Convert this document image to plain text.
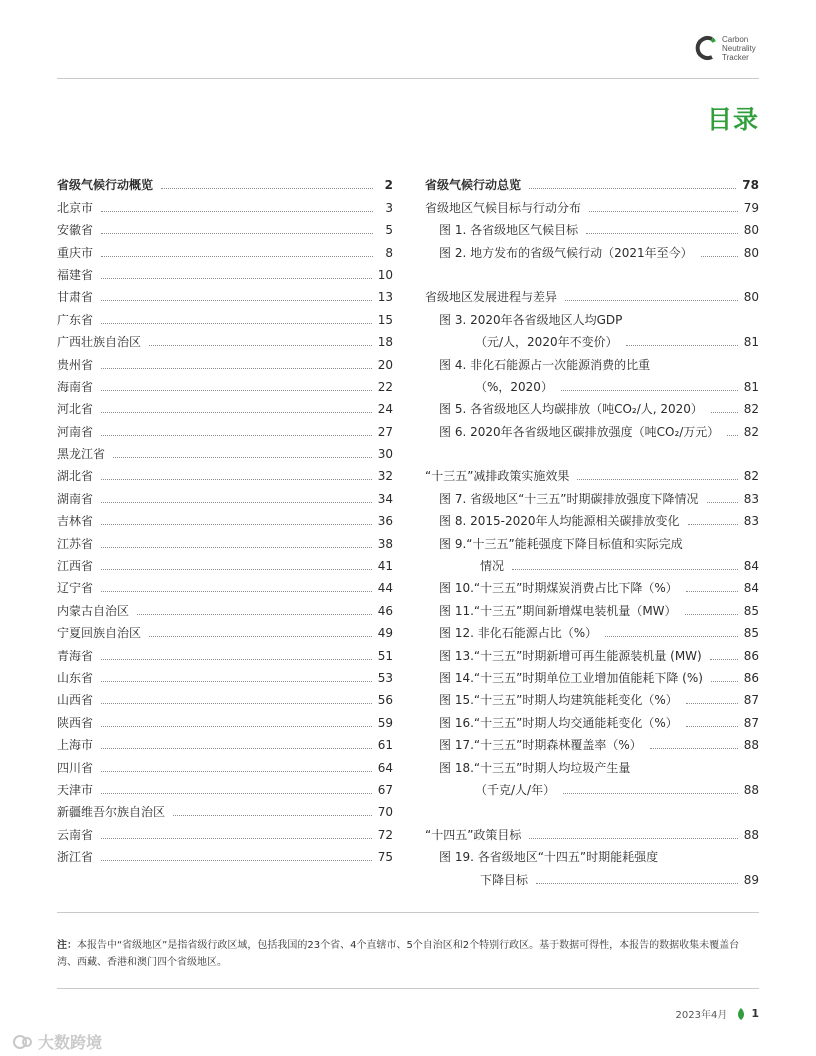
Carbon
Neutrality
Tracker
目录
省级气候行动概览	2
北京市	3
安徽省	5
重庆市	8
福建省	10
甘肃省	13
广东省	15
广西壮族自治区	18
贵州省	20
海南省	22
河北省	24
河南省	27
黑龙江省	30
湖北省	32
湖南省	34
吉林省	36
江苏省	38
江西省	41
辽宁省	44
内蒙古自治区	46
宁夏回族自治区	49
青海省	51
山东省	53
山西省	56
陕西省	59
上海市	61
四川省	64
天津市	67
新疆维吾尔族自治区	70
云南省	72
浙江省	75
省级气候行动总览	78
省级地区气候目标与行动分布	79
图 1. 各省级地区气候目标	80
图 2. 地方发布的省级气候行动（2021年至今）	80
省级地区发展进程与差异	80
图 3. 2020年各省级地区人均GDP
（元/人，2020年不变价）	81
图 4. 非化石能源占一次能源消费的比重
（%，2020）	81
图 5. 各省级地区人均碳排放（吨CO₂/人, 2020）	82
图 6. 2020年各省级地区碳排放强度（吨CO₂/万元） 82
“十三五”减排政策实施效果	82
图 7. 省级地区“十三五”时期碳排放强度下降情况	83
图 8. 2015-2020年人均能源相关碳排放变化	83
图 9.“十三五”能耗强度下降目标值和实际完成
情况	84
图 10.“十三五”时期煤炭消费占比下降（%）	84
图 11.“十三五”期间新增煤电装机量（MW）	85
图 12. 非化石能源占比（%）	85
图 13.“十三五”时期新增可再生能源装机量 (MW)	86
图 14.“十三五”时期单位工业增加值能耗下降 (%)	86
图 15.“十三五”时期人均建筑能耗变化（%）	87
图 16.“十三五”时期人均交通能耗变化（%）	87
图 17.“十三五”时期森林覆盖率（%）	88
图 18.“十三五”时期人均垃圾产生量
（千克/人/年）	88
“十四五”政策目标	88
图 19. 各省级地区“十四五”时期能耗强度
下降目标	89
注：本报告中“省级地区”是指省级行政区域，包括我国的23个省、4个直辖市、5个自治区和2个特别行政区。基于数据可得性，本报告的数据收集未覆盖台湾、西藏、香港和澳门四个省级地区。
2023年4月 1
大数跨境
